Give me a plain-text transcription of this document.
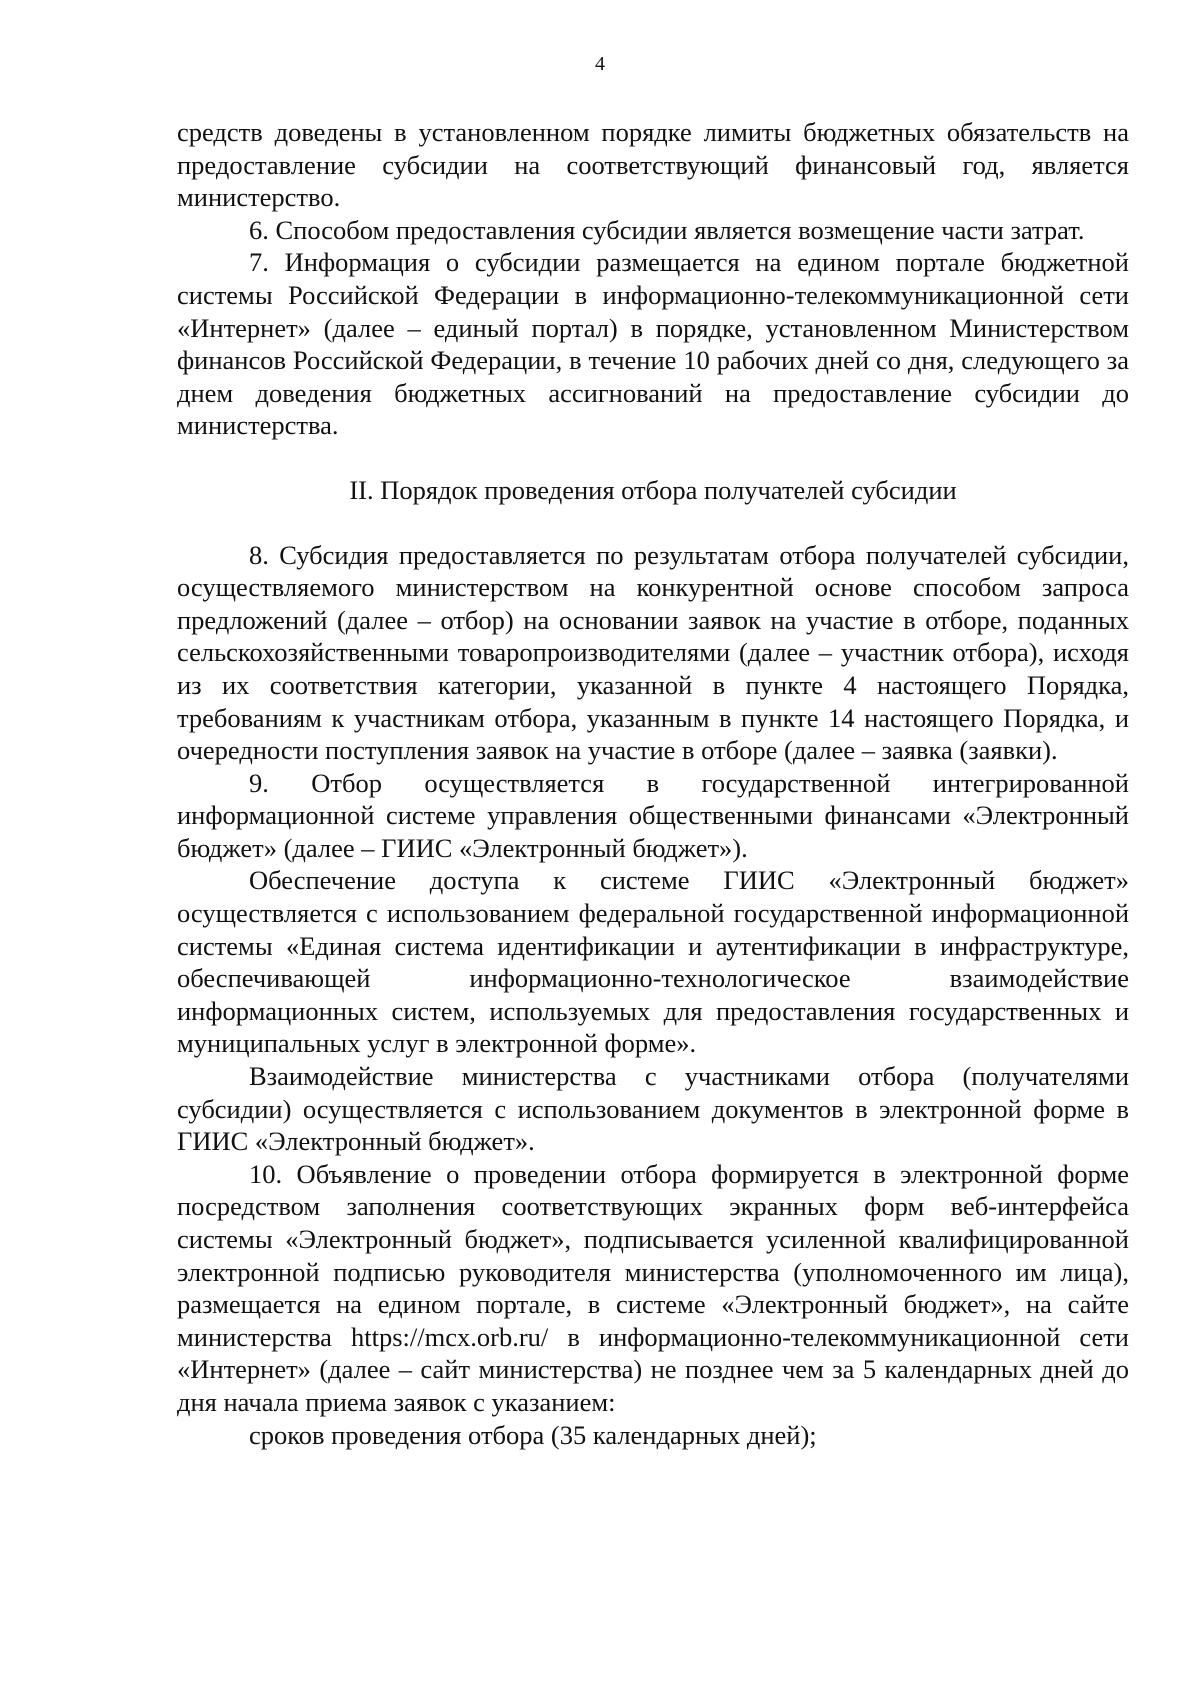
4

средств доведены в установленном порядке лимиты бюджетных обязательств на предоставление субсидии на соответствующий финансовый год, является министерство.

6. Способом предоставления субсидии является возмещение части затрат.

7. Информация о субсидии размещается на едином портале бюджетной системы Российской Федерации в информационно-телекоммуникационной сети «Интернет» (далее – единый портал) в порядке, установленном Министерством финансов Российской Федерации, в течение 10 рабочих дней со дня, следующего за днем доведения бюджетных ассигнований на предоставление субсидии до министерства.

II. Порядок проведения отбора получателей субсидии

8. Субсидия предоставляется по результатам отбора получателей субсидии, осуществляемого министерством на конкурентной основе способом запроса предложений (далее – отбор) на основании заявок на участие в отборе, поданных сельскохозяйственными товаропроизводителями (далее – участник отбора), исходя из их соответствия категории, указанной в пункте 4 настоящего Порядка, требованиям к участникам отбора, указанным в пункте 14 настоящего Порядка, и очередности поступления заявок на участие в отборе (далее – заявка (заявки).

9. Отбор осуществляется в государственной интегрированной информационной системе управления общественными финансами «Электронный бюджет» (далее – ГИИС «Электронный бюджет»).

Обеспечение доступа к системе ГИИС «Электронный бюджет» осуществляется с использованием федеральной государственной информационной системы «Единая система идентификации и аутентификации в инфраструктуре, обеспечивающей информационно-технологическое взаимодействие информационных систем, используемых для предоставления государственных и муниципальных услуг в электронной форме».

Взаимодействие министерства с участниками отбора (получателями субсидии) осуществляется с использованием документов в электронной форме в ГИИС «Электронный бюджет».

10. Объявление о проведении отбора формируется в электронной форме посредством заполнения соответствующих экранных форм веб-интерфейса системы «Электронный бюджет», подписывается усиленной квалифицированной электронной подписью руководителя министерства (уполномоченного им лица), размещается на едином портале, в системе «Электронный бюджет», на сайте министерства https://mcx.orb.ru/ в информационно-телекоммуникационной сети «Интернет» (далее – сайт министерства) не позднее чем за 5 календарных дней до дня начала приема заявок с указанием:

сроков проведения отбора (35 календарных дней);
